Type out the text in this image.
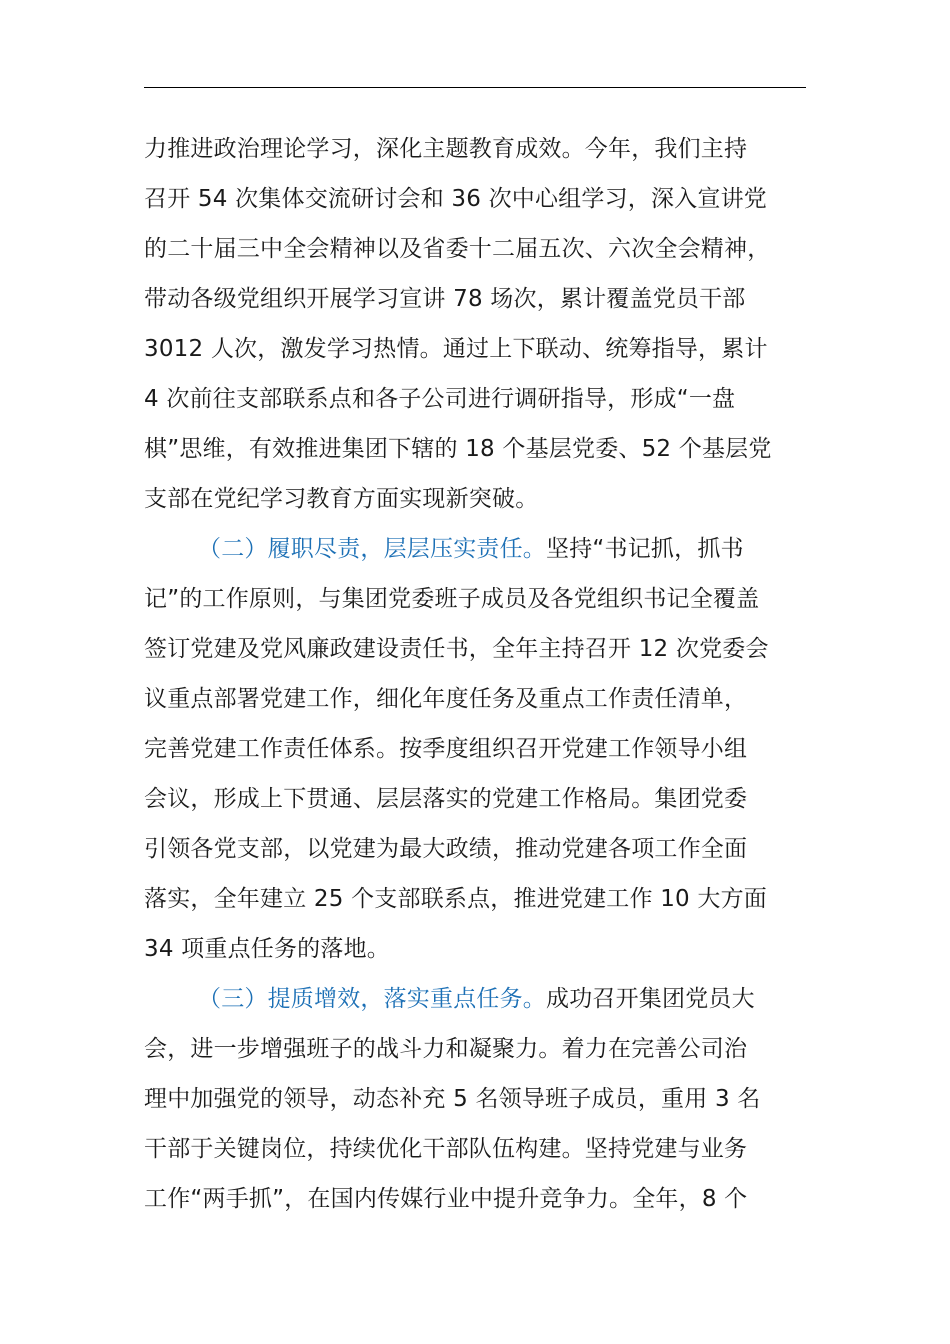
力推进政治理论学习，深化主题教育成效。今年，我们主持
召开 54 次集体交流研讨会和 36 次中心组学习，深入宣讲党
的二十届三中全会精神以及省委十二届五次、六次全会精神，
带动各级党组织开展学习宣讲 78 场次，累计覆盖党员干部
3012 人次，激发学习热情。通过上下联动、统筹指导，累计
4 次前往支部联系点和各子公司进行调研指导，形成“一盘
棋”思维，有效推进集团下辖的 18 个基层党委、52 个基层党
支部在党纪学习教育方面实现新突破。
（二）履职尽责，层层压实责任。坚持“书记抓，抓书
记”的工作原则，与集团党委班子成员及各党组织书记全覆盖
签订党建及党风廉政建设责任书，全年主持召开 12 次党委会
议重点部署党建工作，细化年度任务及重点工作责任清单，
完善党建工作责任体系。按季度组织召开党建工作领导小组
会议，形成上下贯通、层层落实的党建工作格局。集团党委
引领各党支部，以党建为最大政绩，推动党建各项工作全面
落实，全年建立 25 个支部联系点，推进党建工作 10 大方面
34 项重点任务的落地。
（三）提质增效，落实重点任务。成功召开集团党员大
会，进一步增强班子的战斗力和凝聚力。着力在完善公司治
理中加强党的领导，动态补充 5 名领导班子成员，重用 3 名
干部于关键岗位，持续优化干部队伍构建。坚持党建与业务
工作“两手抓”，在国内传媒行业中提升竞争力。全年，8 个
